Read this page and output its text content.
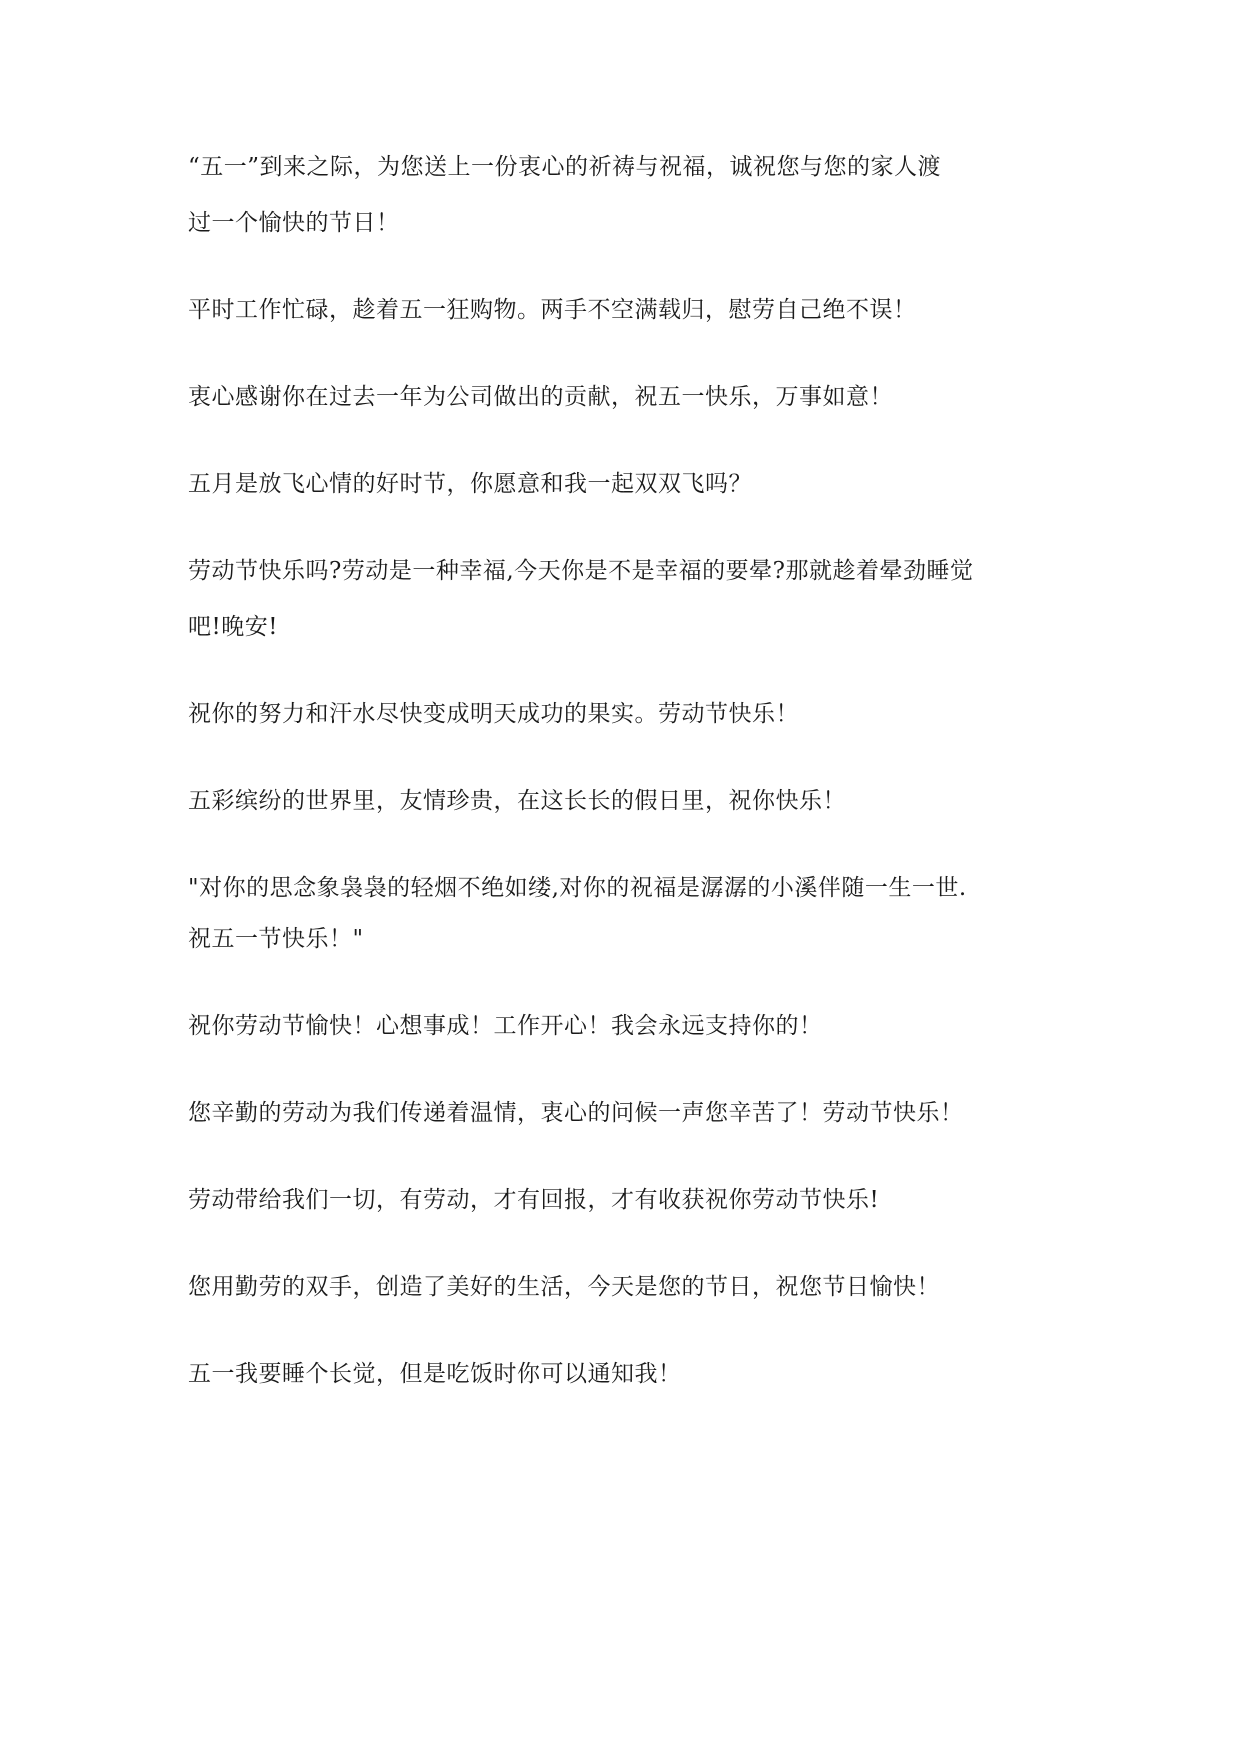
“五一”到来之际，为您送上一份衷心的祈祷与祝福，诚祝您与您的家人渡

过一个愉快的节日！

平时工作忙碌，趁着五一狂购物。两手不空满载归，慰劳自己绝不误！

衷心感谢你在过去一年为公司做出的贡献，祝五一快乐，万事如意！

五月是放飞心情的好时节，你愿意和我一起双双飞吗？

劳动节快乐吗?劳动是一种幸福,今天你是不是幸福的要晕?那就趁着晕劲睡觉

吧!晚安!

祝你的努力和汗水尽快变成明天成功的果实。劳动节快乐！

五彩缤纷的世界里，友情珍贵，在这长长的假日里，祝你快乐！

"对你的思念象袅袅的轻烟不绝如缕,对你的祝福是潺潺的小溪伴随一生一世.

祝五一节快乐！"

祝你劳动节愉快！心想事成！工作开心！我会永远支持你的！

您辛勤的劳动为我们传递着温情，衷心的问候一声您辛苦了！劳动节快乐！

劳动带给我们一切，有劳动，才有回报，才有收获祝你劳动节快乐!

您用勤劳的双手，创造了美好的生活，今天是您的节日，祝您节日愉快！

五一我要睡个长觉，但是吃饭时你可以通知我！
